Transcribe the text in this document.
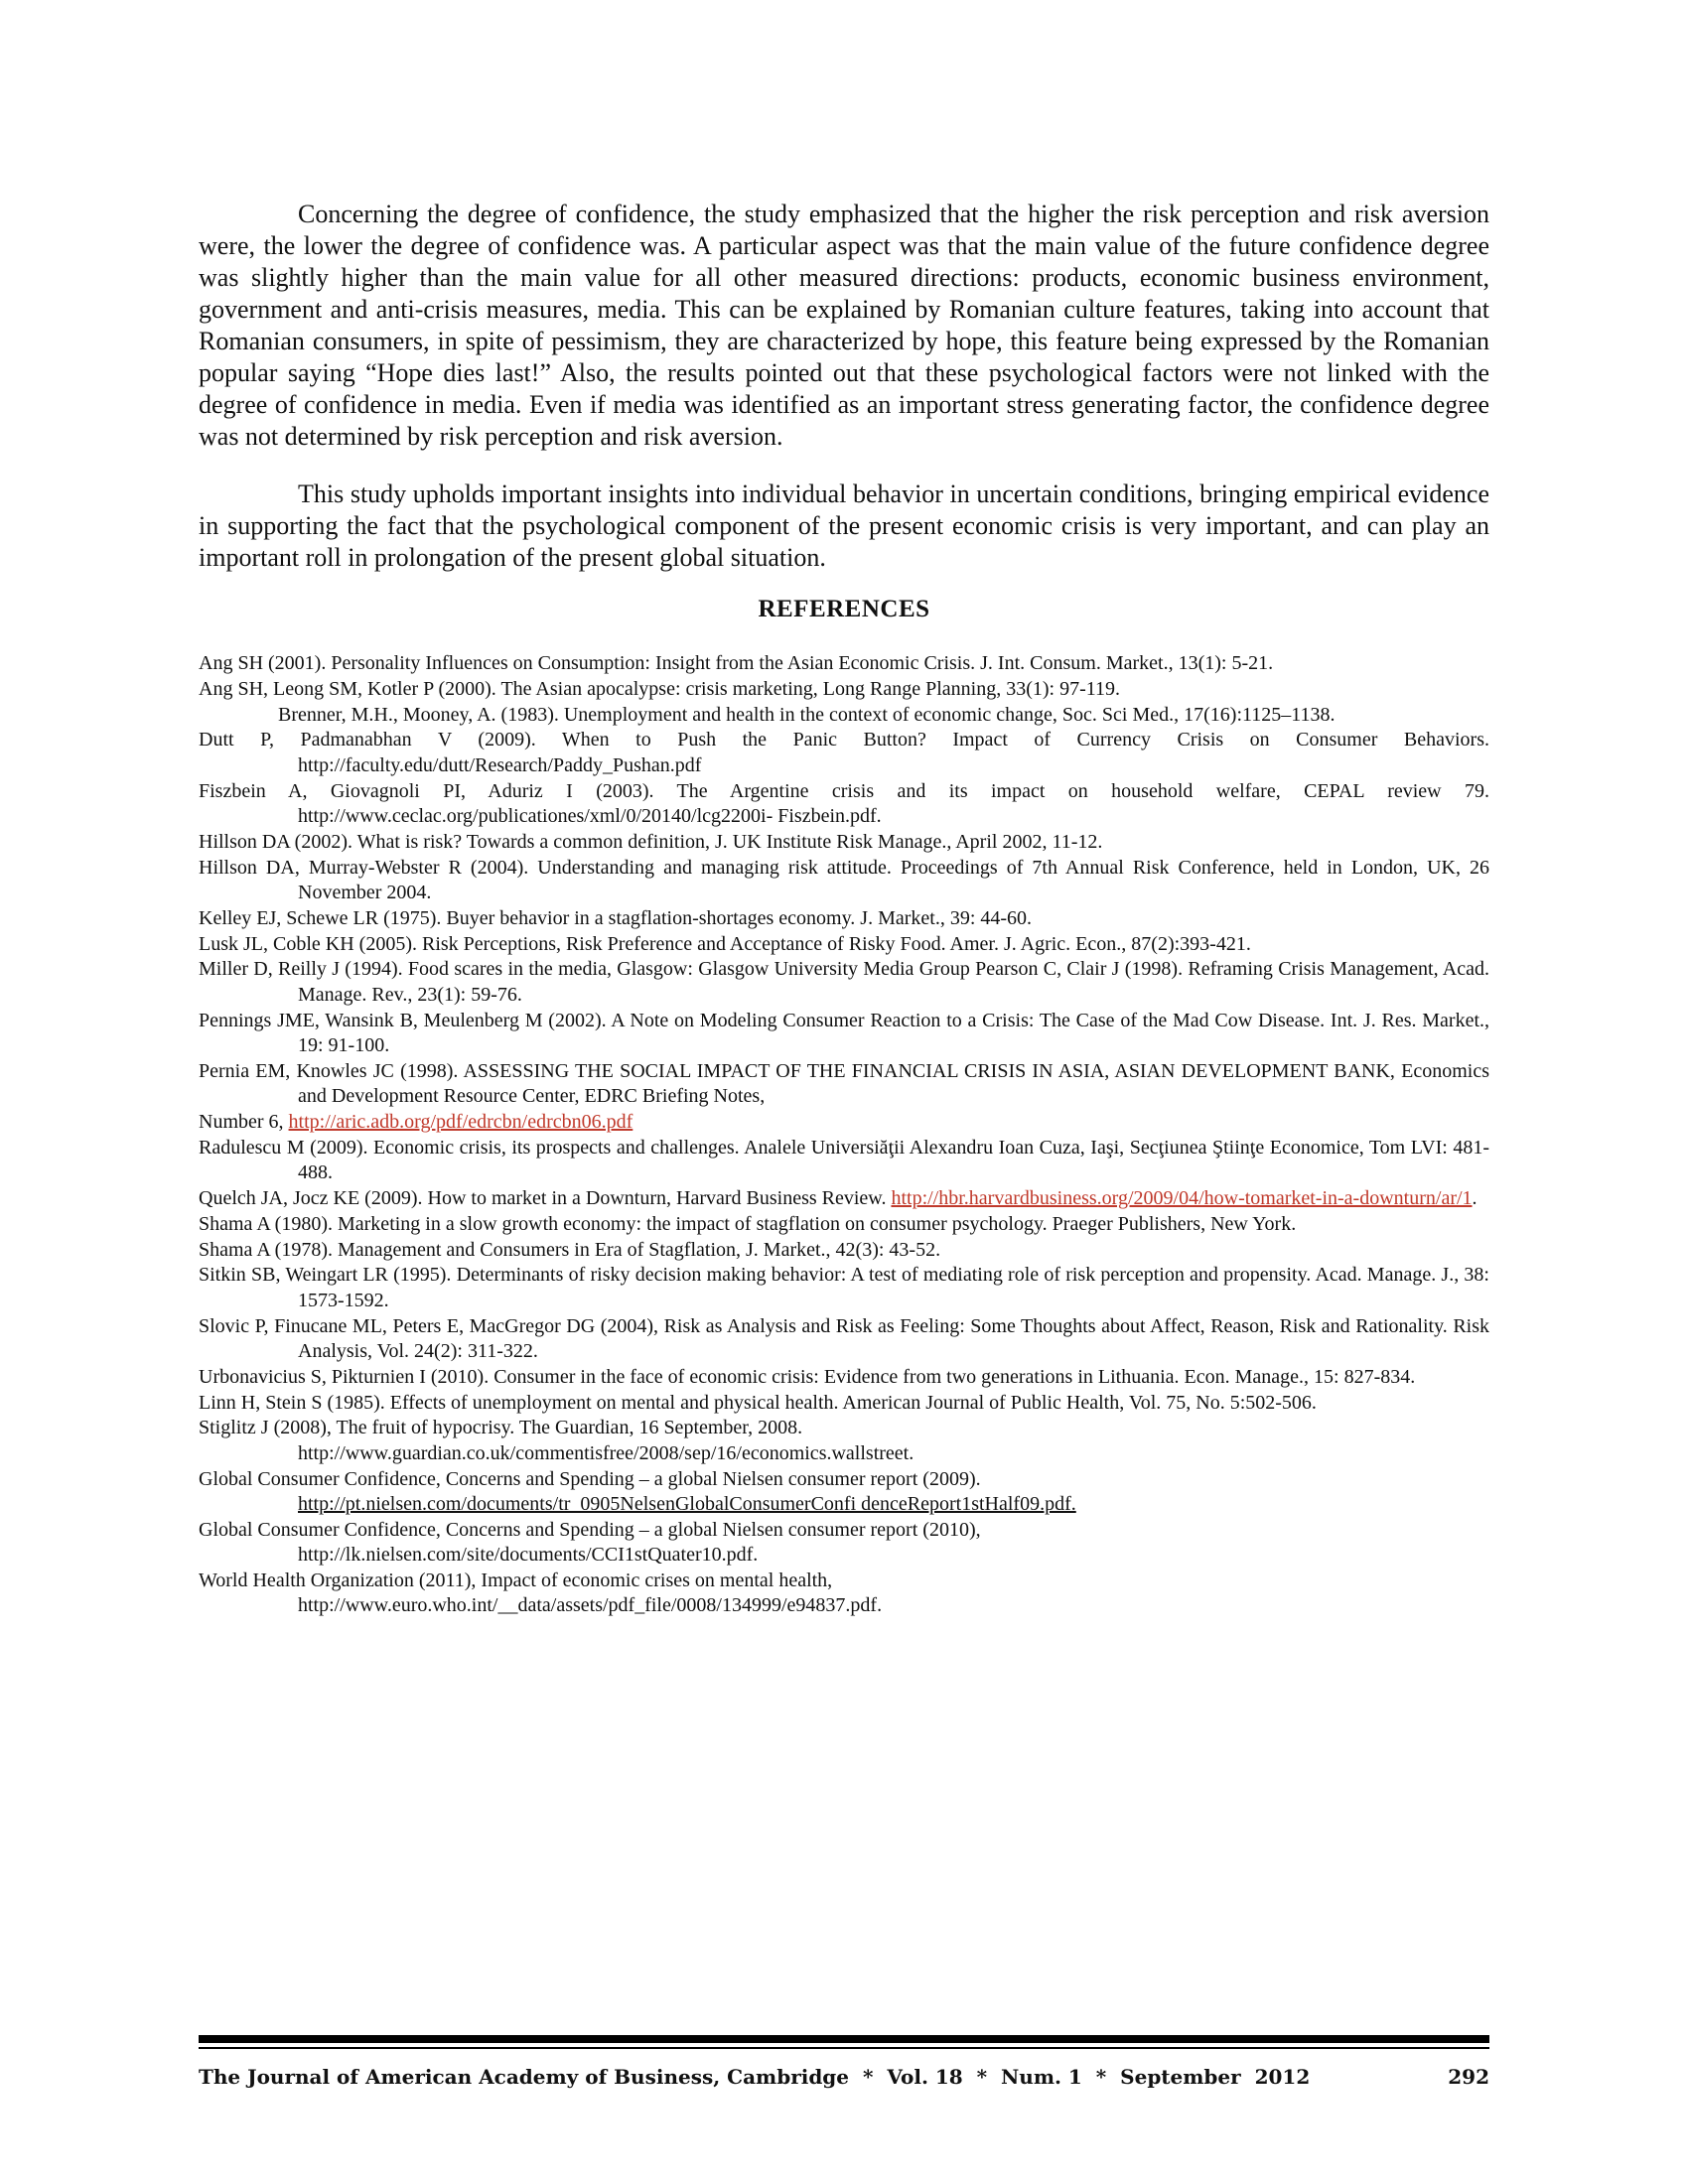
Concerning the degree of confidence, the study emphasized that the higher the risk perception and risk aversion were, the lower the degree of confidence was. A particular aspect was that the main value of the future confidence degree was slightly higher than the main value for all other measured directions: products, economic business environment, government and anti-crisis measures, media. This can be explained by Romanian culture features, taking into account that Romanian consumers, in spite of pessimism, they are characterized by hope, this feature being expressed by the Romanian popular saying “Hope dies last!” Also, the results pointed out that these psychological factors were not linked with the degree of confidence in media. Even if media was identified as an important stress generating factor, the confidence degree was not determined by risk perception and risk aversion.

This study upholds important insights into individual behavior in uncertain conditions, bringing empirical evidence in supporting the fact that the psychological component of the present economic crisis is very important, and can play an important roll in prolongation of the present global situation.

REFERENCES
Ang SH (2001). Personality Influences on Consumption: Insight from the Asian Economic Crisis. J. Int. Consum. Market., 13(1): 5-21.
Ang SH, Leong SM, Kotler P (2000). The Asian apocalypse: crisis marketing, Long Range Planning, 33(1): 97-119.
Brenner, M.H., Mooney, A. (1983). Unemployment and health in the context of economic change, Soc. Sci Med., 17(16):1125–1138.
Dutt P, Padmanabhan V (2009). When to Push the Panic Button? Impact of Currency Crisis on Consumer Behaviors. http://faculty.edu/dutt/Research/Paddy_Pushan.pdf
Fiszbein A, Giovagnoli PI, Aduriz I (2003). The Argentine crisis and its impact on household welfare, CEPAL review 79. http://www.ceclac.org/publicationes/xml/0/20140/lcg2200i- Fiszbein.pdf.
Hillson DA (2002). What is risk? Towards a common definition, J. UK Institute Risk Manage., April 2002, 11-12.
Hillson DA, Murray-Webster R (2004). Understanding and managing risk attitude. Proceedings of 7th Annual Risk Conference, held in London, UK, 26 November 2004.
Kelley EJ, Schewe LR (1975). Buyer behavior in a stagflation-shortages economy. J. Market., 39: 44-60.
Lusk JL, Coble KH (2005). Risk Perceptions, Risk Preference and Acceptance of Risky Food. Amer. J. Agric. Econ., 87(2):393-421.
Miller D, Reilly J (1994). Food scares in the media, Glasgow: Glasgow University Media Group Pearson C, Clair J (1998). Reframing Crisis Management, Acad. Manage. Rev., 23(1): 59-76.
Pennings JME, Wansink B, Meulenberg M (2002). A Note on Modeling Consumer Reaction to a Crisis: The Case of the Mad Cow Disease. Int. J. Res. Market., 19: 91-100.
Pernia EM, Knowles JC (1998). ASSESSING THE SOCIAL IMPACT OF THE FINANCIAL CRISIS IN ASIA, ASIAN DEVELOPMENT BANK, Economics and Development Resource Center, EDRC Briefing Notes,
Number 6, http://aric.adb.org/pdf/edrcbn/edrcbn06.pdf
Radulescu M (2009). Economic crisis, its prospects and challenges. Analele Universiăţii Alexandru Ioan Cuza, Iaşi, Secţiunea Ştiinţe Economice, Tom LVI: 481-488.
Quelch JA, Jocz KE (2009). How to market in a Downturn, Harvard Business Review. http://hbr.harvardbusiness.org/2009/04/how-tomarket-in-a-downturn/ar/1.
Shama A (1980). Marketing in a slow growth economy: the impact of stagflation on consumer psychology. Praeger Publishers, New York.
Shama A (1978). Management and Consumers in Era of Stagflation, J. Market., 42(3): 43-52.
Sitkin SB, Weingart LR (1995). Determinants of risky decision making behavior: A test of mediating role of risk perception and propensity. Acad. Manage. J., 38: 1573-1592.
Slovic P, Finucane ML, Peters E, MacGregor DG (2004), Risk as Analysis and Risk as Feeling: Some Thoughts about Affect, Reason, Risk and Rationality. Risk Analysis, Vol. 24(2): 311-322.
Urbonavicius S, Pikturnien I (2010). Consumer in the face of economic crisis: Evidence from two generations in Lithuania. Econ. Manage., 15: 827-834.
Linn H, Stein S (1985). Effects of unemployment on mental and physical health. American Journal of Public Health, Vol. 75, No. 5:502-506.
Stiglitz J (2008), The fruit of hypocrisy. The Guardian, 16 September, 2008.
http://www.guardian.co.uk/commentisfree/2008/sep/16/economics.wallstreet.
Global Consumer Confidence, Concerns and Spending – a global Nielsen consumer report (2009).
http://pt.nielsen.com/documents/tr_0905NelsenGlobalConsumerConfi denceReport1stHalf09.pdf.
Global Consumer Confidence, Concerns and Spending – a global Nielsen consumer report (2010),
http://lk.nielsen.com/site/documents/CCI1stQuater10.pdf.
World Health Organization (2011), Impact of economic crises on mental health,
http://www.euro.who.int/__data/assets/pdf_file/0008/134999/e94837.pdf.
The Journal of American Academy of Business, Cambridge  *  Vol. 18  *  Num. 1  *  September  2012	292
